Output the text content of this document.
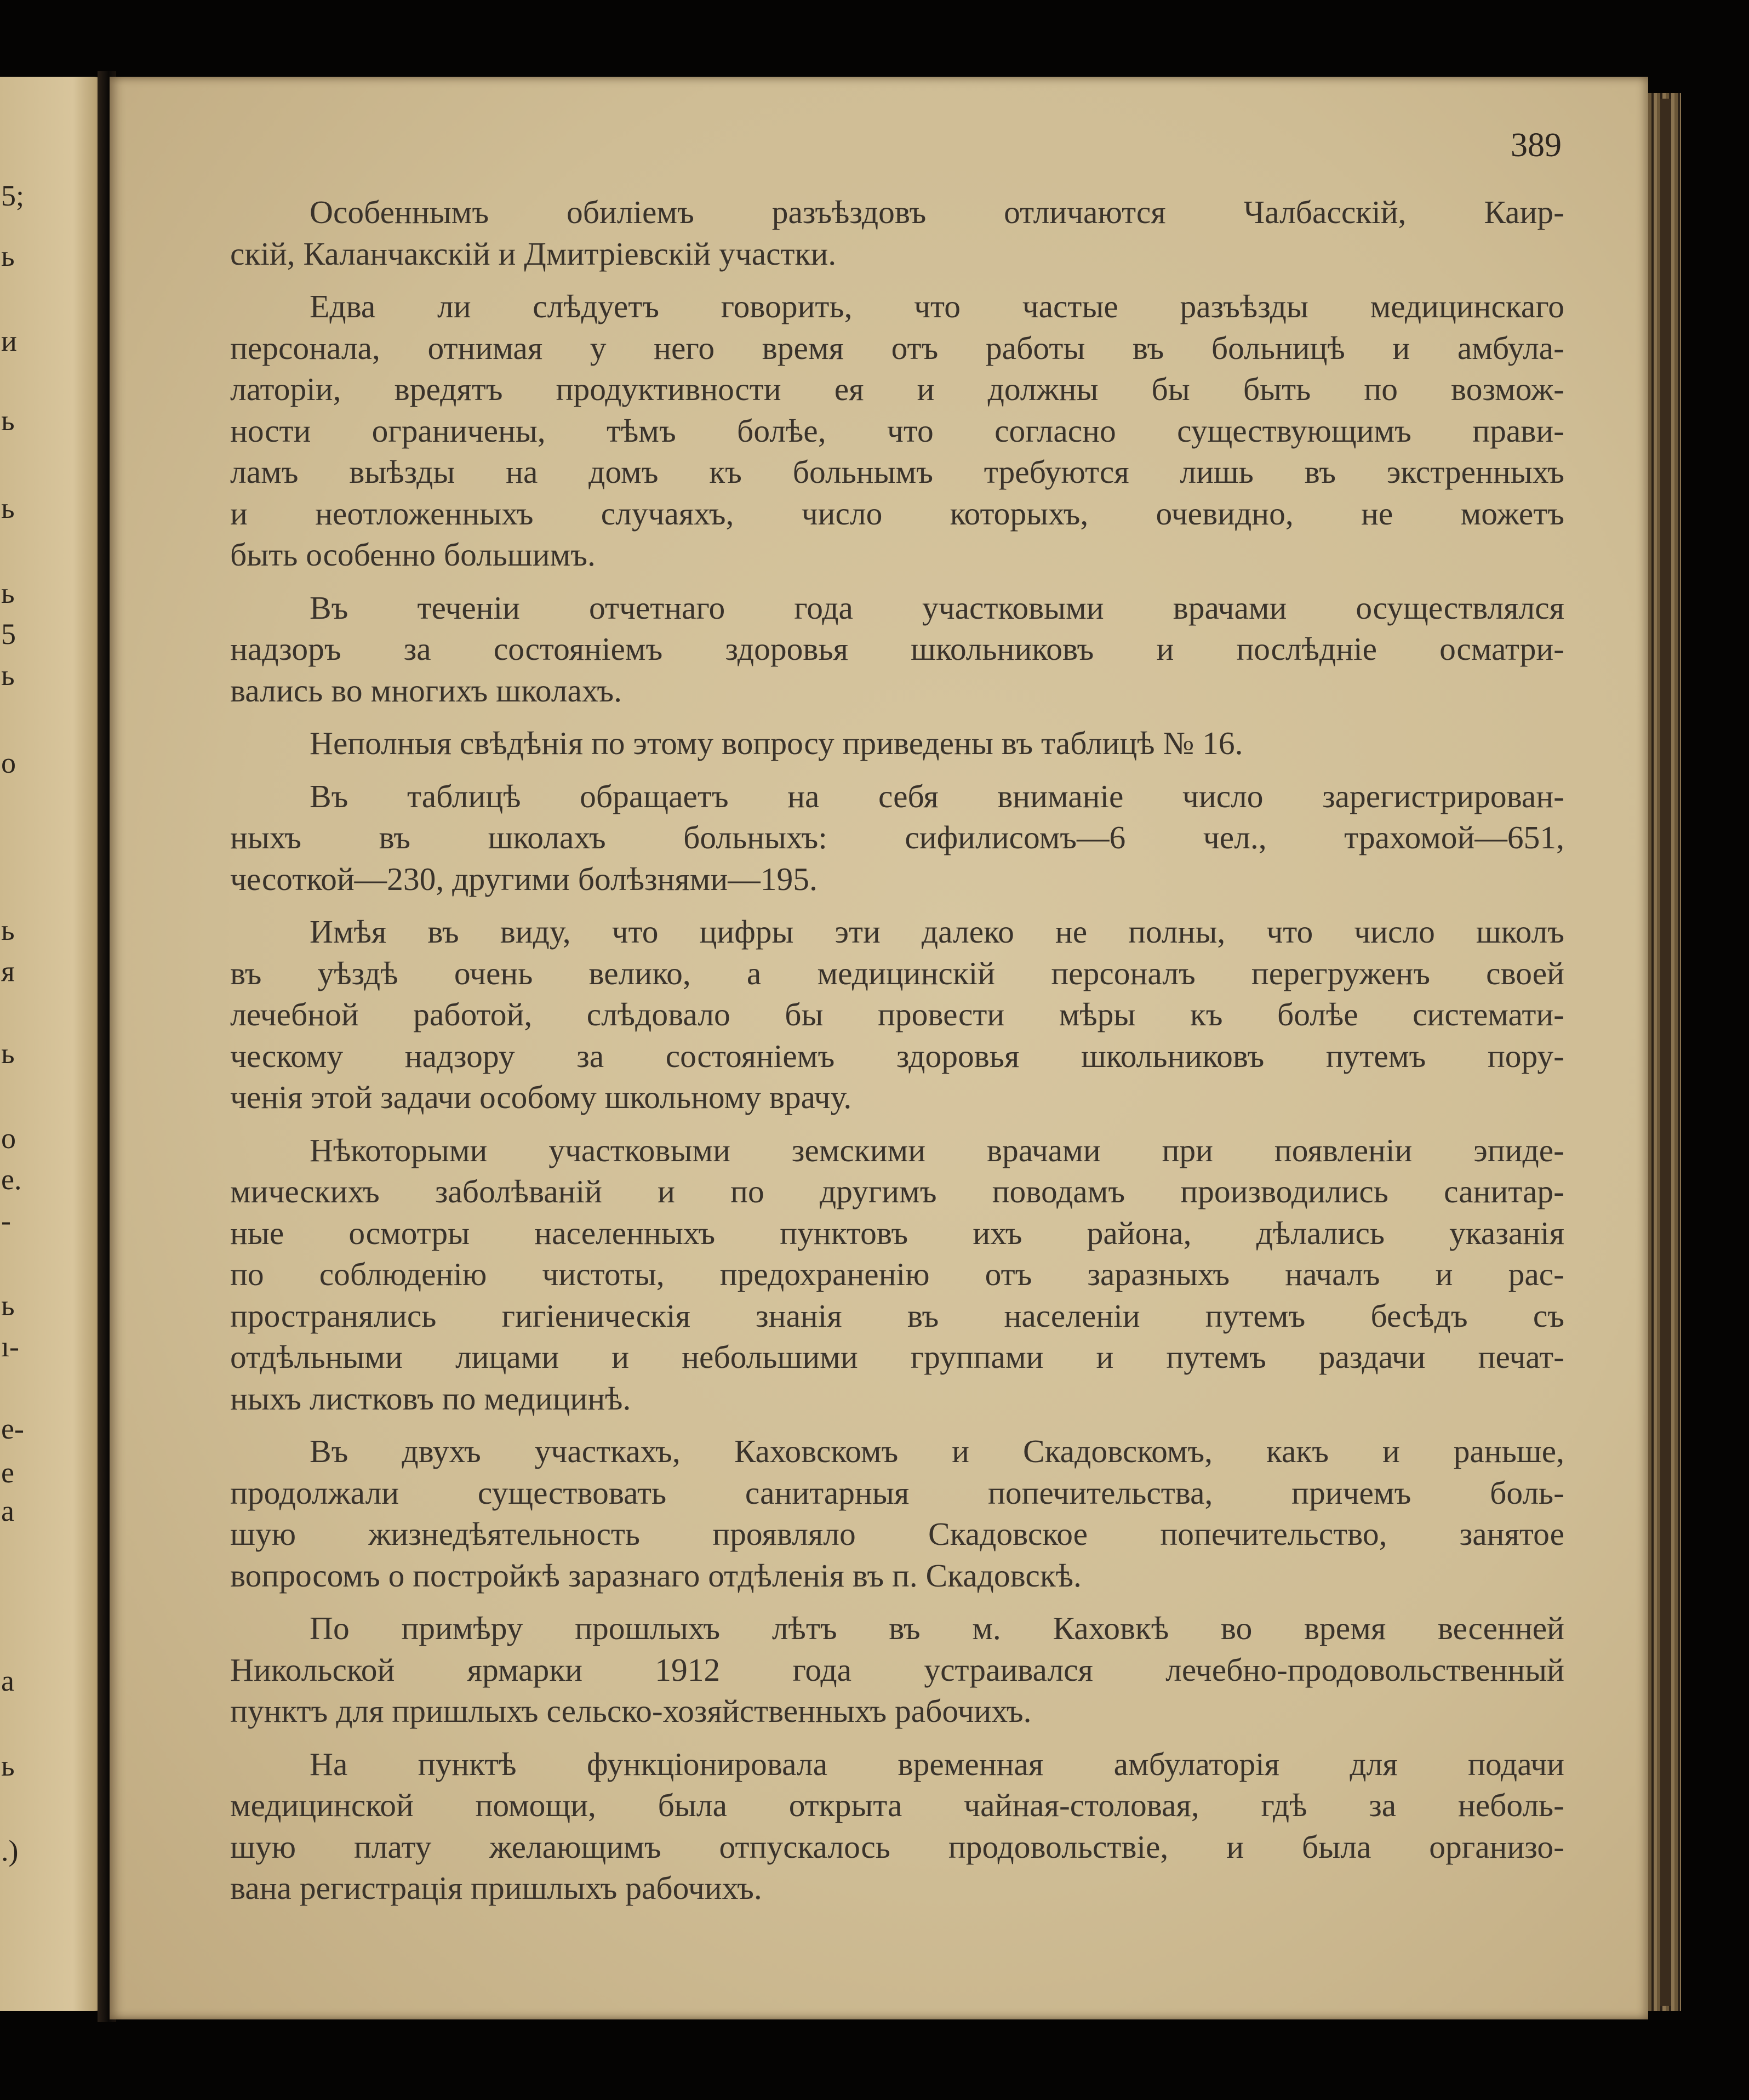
5;
ь
и
ь
ь
ь
5
ь
о
ь
я
ь
о
е.
-
ь
ı-
е-
е
а
а
ь
.)
389
Особеннымъ обиліемъ разъѣздовъ отличаются Чалбасскій, Каир-
скій, Каланчакскій и Дмитріевскій участки.
Едва ли слѣдуетъ говорить, что частые разъѣзды медицинскаго
персонала, отнимая у него время отъ работы въ больницѣ и амбула-
латоріи, вредятъ продуктивности ея и должны бы быть по возмож-
ности ограничены, тѣмъ болѣе, что согласно существующимъ прави-
ламъ выѣзды на домъ къ больнымъ требуются лишь въ экстренныхъ
и неотложенныхъ случаяхъ, число которыхъ, очевидно, не можетъ
быть особенно большимъ.
Въ теченіи отчетнаго года участковыми врачами осуществлялся
надзоръ за состояніемъ здоровья школьниковъ и послѣдніе осматри-
вались во многихъ школахъ.
Неполныя свѣдѣнія по этому вопросу приведены въ таблицѣ № 16.
Въ таблицѣ обращаетъ на себя вниманіе число зарегистрирован-
ныхъ въ школахъ больныхъ: сифилисомъ—6 чел., трахомой—651,
чесоткой—230, другими болѣзнями—195.
Имѣя въ виду, что цифры эти далеко не полны, что число школъ
въ уѣздѣ очень велико, а медицинскій персоналъ перегруженъ своей
лечебной работой, слѣдовало бы провести мѣры къ болѣе системати-
ческому надзору за состояніемъ здоровья школьниковъ путемъ пору-
ченія этой задачи особому школьному врачу.
Нѣкоторыми участковыми земскими врачами при появленіи эпиде-
мическихъ заболѣваній и по другимъ поводамъ производились санитар-
ные осмотры населенныхъ пунктовъ ихъ района, дѣлались указанія
по соблюденію чистоты, предохраненію отъ заразныхъ началъ и рас-
пространялись гигіеническія знанія въ населеніи путемъ бесѣдъ съ
отдѣльными лицами и небольшими группами и путемъ раздачи печат-
ныхъ листковъ по медицинѣ.
Въ двухъ участкахъ, Каховскомъ и Скадовскомъ, какъ и раньше,
продолжали существовать санитарныя попечительства, причемъ боль-
шую жизнедѣятельность проявляло Скадовское попечительство, занятое
вопросомъ о постройкѣ заразнаго отдѣленія въ п. Скадовскѣ.
По примѣру прошлыхъ лѣтъ въ м. Каховкѣ во время весенней
Никольской ярмарки 1912 года устраивался лечебно-продовольственный
пунктъ для пришлыхъ сельско-хозяйственныхъ рабочихъ.
На пунктѣ функціонировала временная амбулаторія для подачи
медицинской помощи, была открыта чайная-столовая, гдѣ за неболь-
шую плату желающимъ отпускалось продовольствіе, и была организо-
вана регистрація пришлыхъ рабочихъ.
